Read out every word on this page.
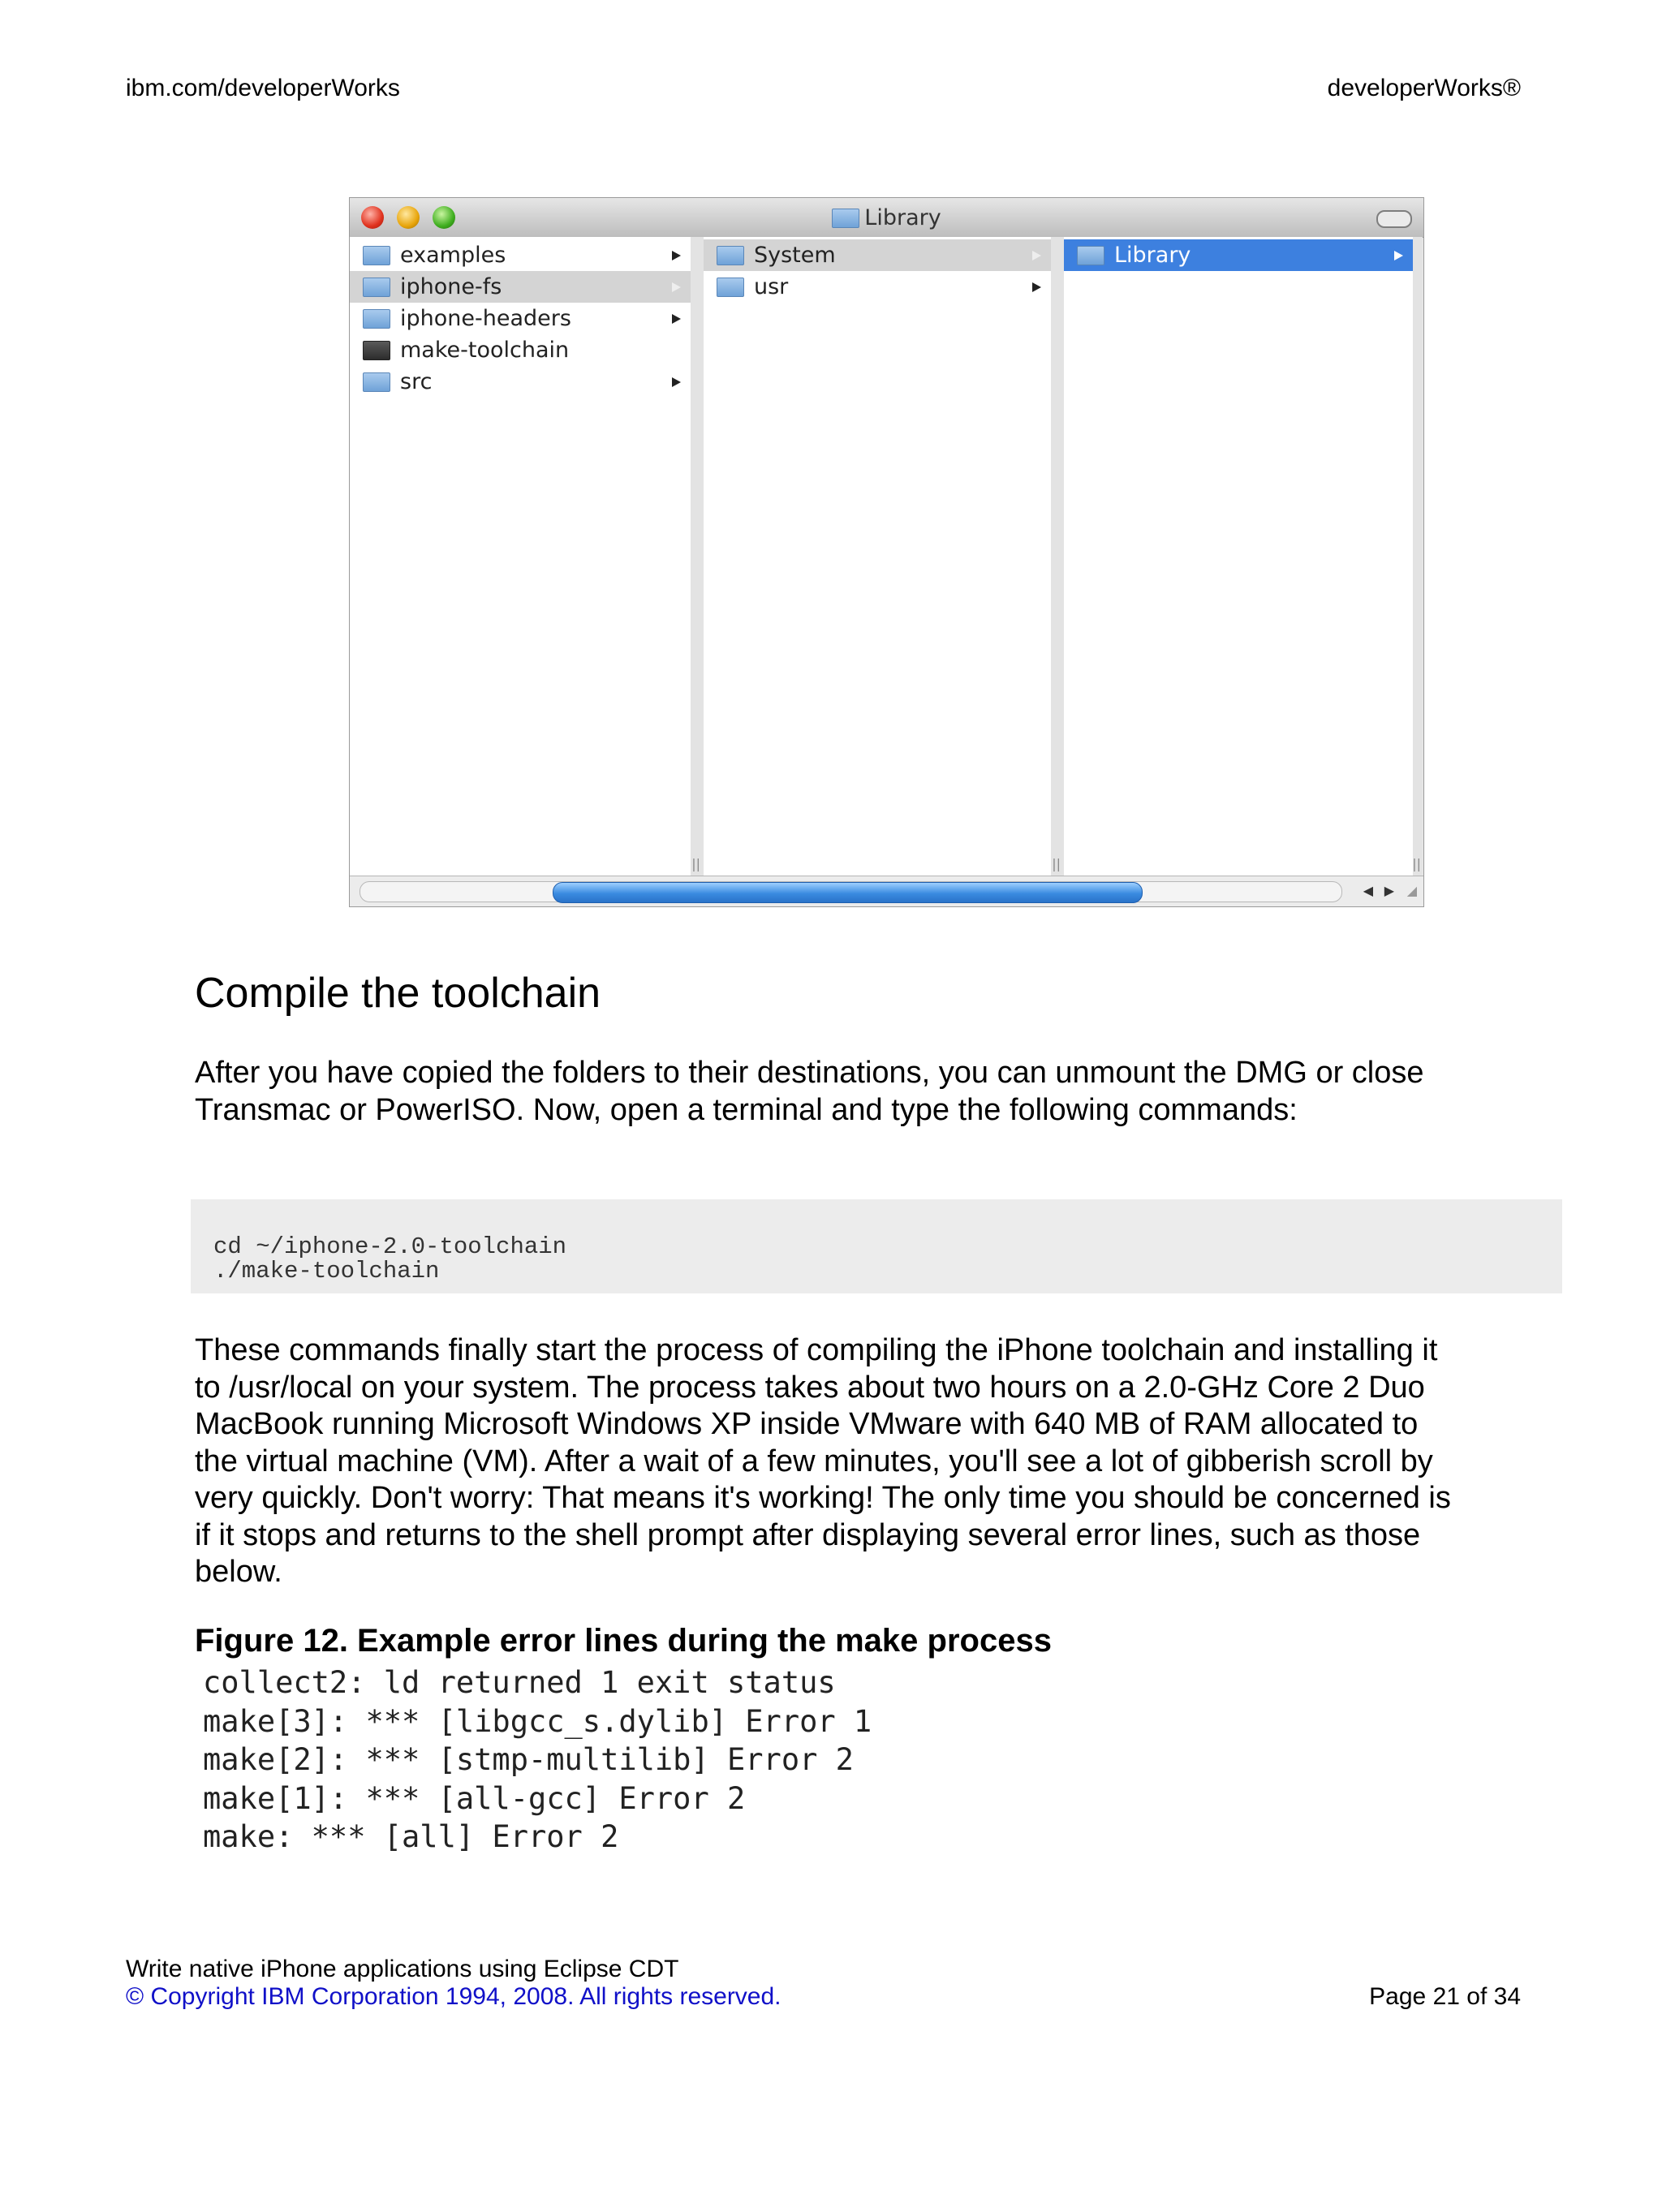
ibm.com/developerWorks	developerWorks®
Library
examples
iphone-fs
iphone-headers
make-toolchain
src
||
System
usr
||
Library
||
◀ ▶ ◢
Compile the toolchain

After you have copied the folders to their destinations, you can unmount the DMG or close Transmac or PowerISO. Now, open a terminal and type the following commands:

cd ~/iphone-2.0-toolchain
./make-toolchain

These commands finally start the process of compiling the iPhone toolchain and installing it to /usr/local on your system. The process takes about two hours on a 2.0-GHz Core 2 Duo MacBook running Microsoft Windows XP inside VMware with 640 MB of RAM allocated to the virtual machine (VM). After a wait of a few minutes, you'll see a lot of gibberish scroll by very quickly. Don't worry: That means it's working! The only time you should be concerned is if it stops and returns to the shell prompt after displaying several error lines, such as those below.

Figure 12. Example error lines during the make process

collect2: ld returned 1 exit status
make[3]: *** [libgcc_s.dylib] Error 1
make[2]: *** [stmp-multilib] Error 2
make[1]: *** [all-gcc] Error 2
make: *** [all] Error 2
Write native iPhone applications using Eclipse CDT
© Copyright IBM Corporation 1994, 2008. All rights reserved.	Page 21 of 34
